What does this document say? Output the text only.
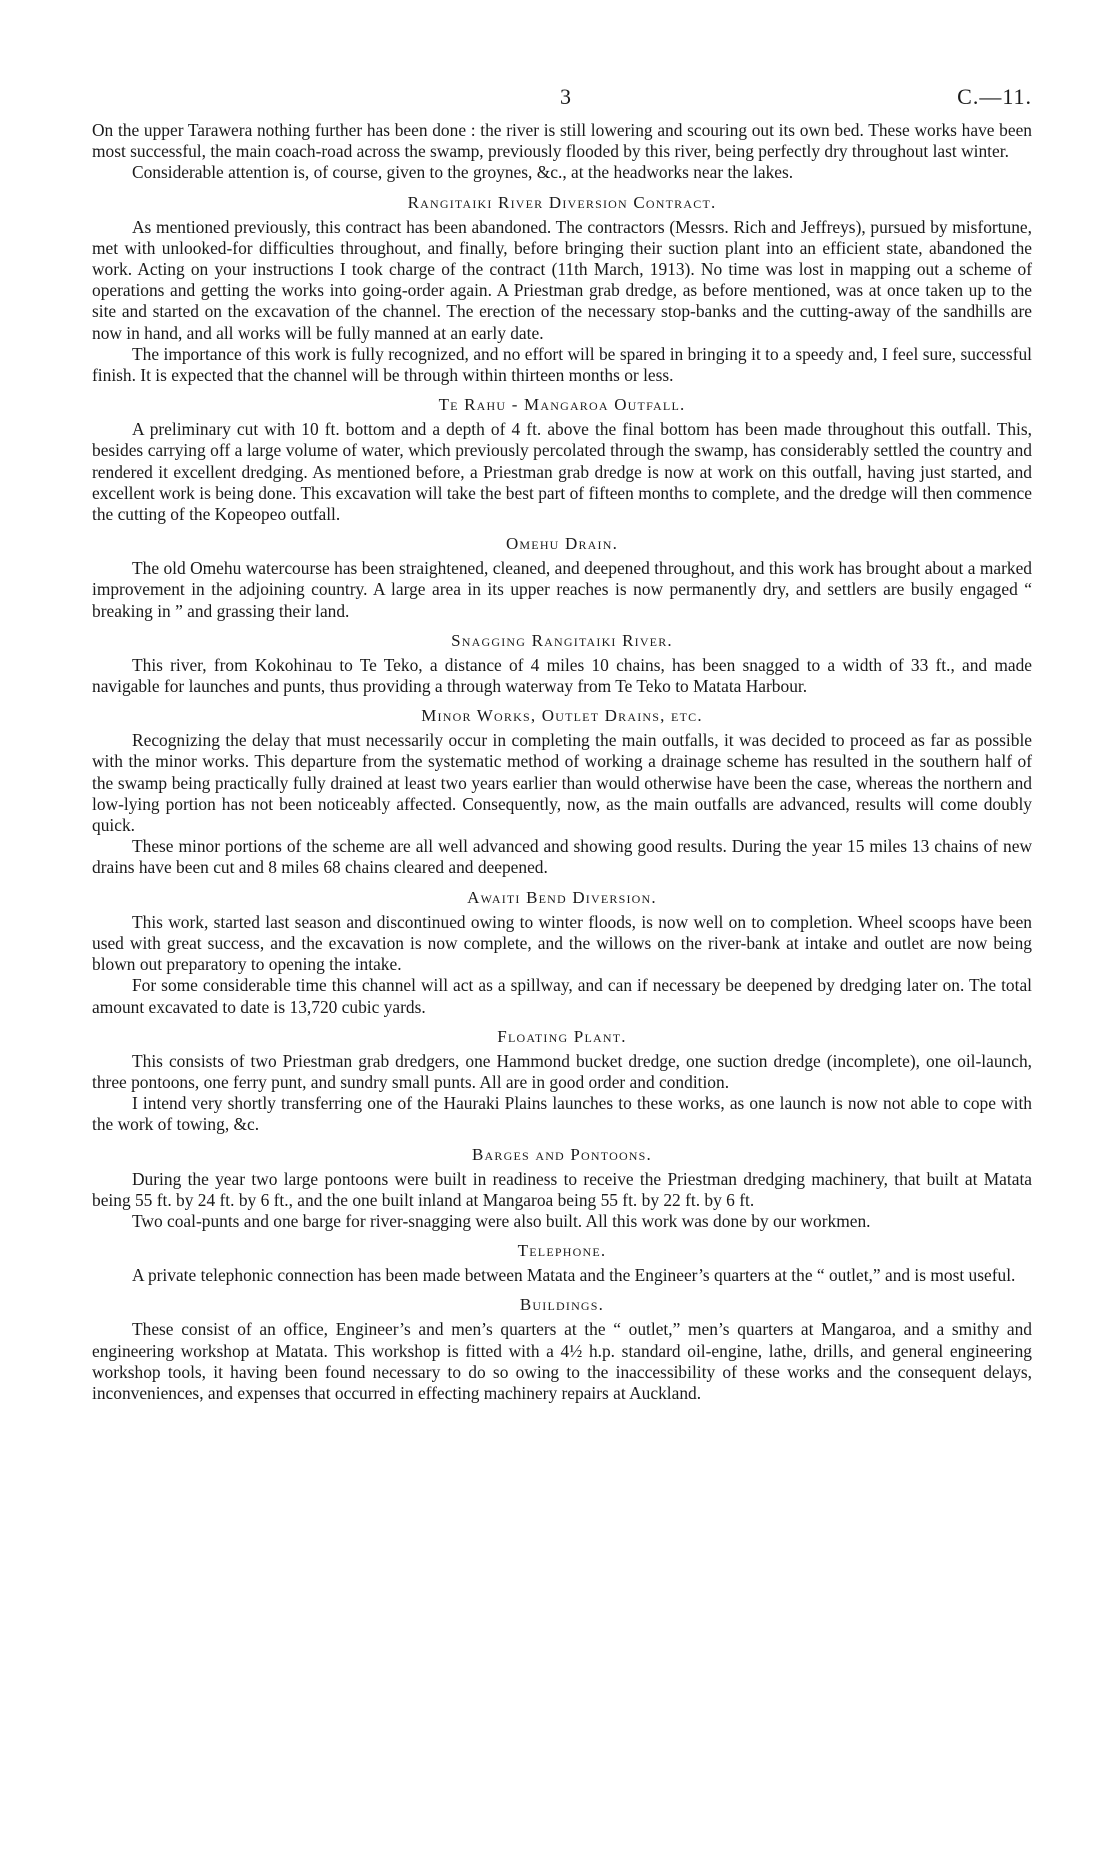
3	C.—11.

On the upper Tarawera nothing further has been done : the river is still lowering and scouring out its own bed. These works have been most successful, the main coach-road across the swamp, previously flooded by this river, being perfectly dry throughout last winter.

Considerable attention is, of course, given to the groynes, &c., at the headworks near the lakes.

Rangitaiki River Diversion Contract.

As mentioned previously, this contract has been abandoned. The contractors (Messrs. Rich and Jeffreys), pursued by misfortune, met with unlooked-for difficulties throughout, and finally, before bringing their suction plant into an efficient state, abandoned the work. Acting on your instructions I took charge of the contract (11th March, 1913). No time was lost in mapping out a scheme of operations and getting the works into going-order again. A Priestman grab dredge, as before mentioned, was at once taken up to the site and started on the excavation of the channel. The erection of the necessary stop-banks and the cutting-away of the sandhills are now in hand, and all works will be fully manned at an early date.

The importance of this work is fully recognized, and no effort will be spared in bringing it to a speedy and, I feel sure, successful finish. It is expected that the channel will be through within thirteen months or less.

Te Rahu - Mangaroa Outfall.

A preliminary cut with 10 ft. bottom and a depth of 4 ft. above the final bottom has been made throughout this outfall. This, besides carrying off a large volume of water, which previously percolated through the swamp, has considerably settled the country and rendered it excellent dredging. As mentioned before, a Priestman grab dredge is now at work on this outfall, having just started, and excellent work is being done. This excavation will take the best part of fifteen months to complete, and the dredge will then commence the cutting of the Kopeopeo outfall.

Omehu Drain.

The old Omehu watercourse has been straightened, cleaned, and deepened throughout, and this work has brought about a marked improvement in the adjoining country. A large area in its upper reaches is now permanently dry, and settlers are busily engaged “ breaking in ” and grassing their land.

Snagging Rangitaiki River.

This river, from Kokohinau to Te Teko, a distance of 4 miles 10 chains, has been snagged to a width of 33 ft., and made navigable for launches and punts, thus providing a through waterway from Te Teko to Matata Harbour.

Minor Works, Outlet Drains, etc.

Recognizing the delay that must necessarily occur in completing the main outfalls, it was decided to proceed as far as possible with the minor works. This departure from the systematic method of working a drainage scheme has resulted in the southern half of the swamp being practically fully drained at least two years earlier than would otherwise have been the case, whereas the northern and low-lying portion has not been noticeably affected. Consequently, now, as the main outfalls are advanced, results will come doubly quick.

These minor portions of the scheme are all well advanced and showing good results. During the year 15 miles 13 chains of new drains have been cut and 8 miles 68 chains cleared and deepened.

Awaiti Bend Diversion.

This work, started last season and discontinued owing to winter floods, is now well on to completion. Wheel scoops have been used with great success, and the excavation is now complete, and the willows on the river-bank at intake and outlet are now being blown out preparatory to opening the intake.

For some considerable time this channel will act as a spillway, and can if necessary be deepened by dredging later on. The total amount excavated to date is 13,720 cubic yards.

Floating Plant.

This consists of two Priestman grab dredgers, one Hammond bucket dredge, one suction dredge (incomplete), one oil-launch, three pontoons, one ferry punt, and sundry small punts. All are in good order and condition.

I intend very shortly transferring one of the Hauraki Plains launches to these works, as one launch is now not able to cope with the work of towing, &c.

Barges and Pontoons.

During the year two large pontoons were built in readiness to receive the Priestman dredging machinery, that built at Matata being 55 ft. by 24 ft. by 6 ft., and the one built inland at Mangaroa being 55 ft. by 22 ft. by 6 ft.

Two coal-punts and one barge for river-snagging were also built. All this work was done by our workmen.

Telephone.

A private telephonic connection has been made between Matata and the Engineer’s quarters at the “ outlet,” and is most useful.

Buildings.

These consist of an office, Engineer’s and men’s quarters at the “ outlet,” men’s quarters at Mangaroa, and a smithy and engineering workshop at Matata. This workshop is fitted with a 4½ h.p. standard oil-engine, lathe, drills, and general engineering workshop tools, it having been found necessary to do so owing to the inaccessibility of these works and the consequent delays, inconveniences, and expenses that occurred in effecting machinery repairs at Auckland.
